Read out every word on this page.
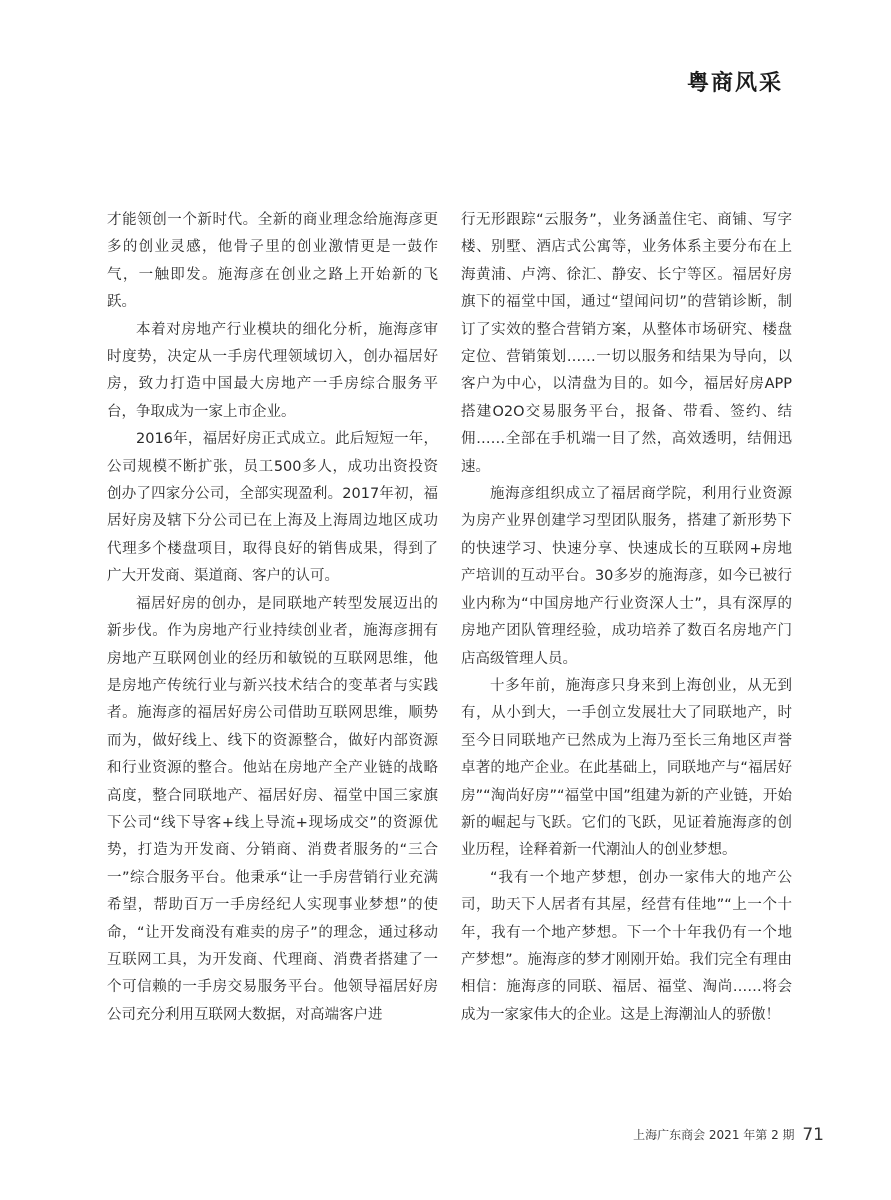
粤商风采

才能领创一个新时代。全新的商业理念给施海彦更多的创业灵感，他骨子里的创业激情更是一鼓作气，一触即发。施海彦在创业之路上开始新的飞跃。

本着对房地产行业模块的细化分析，施海彦审时度势，决定从一手房代理领域切入，创办福居好房，致力打造中国最大房地产一手房综合服务平台，争取成为一家上市企业。

2016年，福居好房正式成立。此后短短一年，公司规模不断扩张，员工500多人，成功出资投资创办了四家分公司，全部实现盈利。2017年初，福居好房及辖下分公司已在上海及上海周边地区成功代理多个楼盘项目，取得良好的销售成果，得到了广大开发商、渠道商、客户的认可。

福居好房的创办，是同联地产转型发展迈出的新步伐。作为房地产行业持续创业者，施海彦拥有房地产互联网创业的经历和敏锐的互联网思维，他是房地产传统行业与新兴技术结合的变革者与实践者。施海彦的福居好房公司借助互联网思维，顺势而为，做好线上、线下的资源整合，做好内部资源和行业资源的整合。他站在房地产全产业链的战略高度，整合同联地产、福居好房、福堂中国三家旗下公司“线下导客+线上导流+现场成交”的资源优势，打造为开发商、分销商、消费者服务的“三合一”综合服务平台。他秉承“让一手房营销行业充满希望，帮助百万一手房经纪人实现事业梦想”的使命，“让开发商没有难卖的房子”的理念，通过移动互联网工具，为开发商、代理商、消费者搭建了一个可信赖的一手房交易服务平台。他领导福居好房公司充分利用互联网大数据，对高端客户进

行无形跟踪“云服务”，业务涵盖住宅、商铺、写字楼、别墅、酒店式公寓等，业务体系主要分布在上海黄浦、卢湾、徐汇、静安、长宁等区。福居好房旗下的福堂中国，通过“望闻问切”的营销诊断，制订了实效的整合营销方案，从整体市场研究、楼盘定位、营销策划……一切以服务和结果为导向，以客户为中心，以清盘为目的。如今，福居好房APP搭建O2O交易服务平台，报备、带看、签约、结佣……全部在手机端一目了然，高效透明，结佣迅速。

施海彦组织成立了福居商学院，利用行业资源为房产业界创建学习型团队服务，搭建了新形势下的快速学习、快速分享、快速成长的互联网+房地产培训的互动平台。30多岁的施海彦，如今已被行业内称为“中国房地产行业资深人士”，具有深厚的房地产团队管理经验，成功培养了数百名房地产门店高级管理人员。

十多年前，施海彦只身来到上海创业，从无到有，从小到大，一手创立发展壮大了同联地产，时至今日同联地产已然成为上海乃至长三角地区声誉卓著的地产企业。在此基础上，同联地产与“福居好房”“淘尚好房”“福堂中国”组建为新的产业链，开始新的崛起与飞跃。它们的飞跃，见证着施海彦的创业历程，诠释着新一代潮汕人的创业梦想。

“我有一个地产梦想，创办一家伟大的地产公司，助天下人居者有其屋，经营有佳地”“上一个十年，我有一个地产梦想。下一个十年我仍有一个地产梦想”。施海彦的梦才刚刚开始。我们完全有理由相信：施海彦的同联、福居、福堂、淘尚……将会成为一家家伟大的企业。这是上海潮汕人的骄傲！

上海广东商会 2021 年第 2 期 71
